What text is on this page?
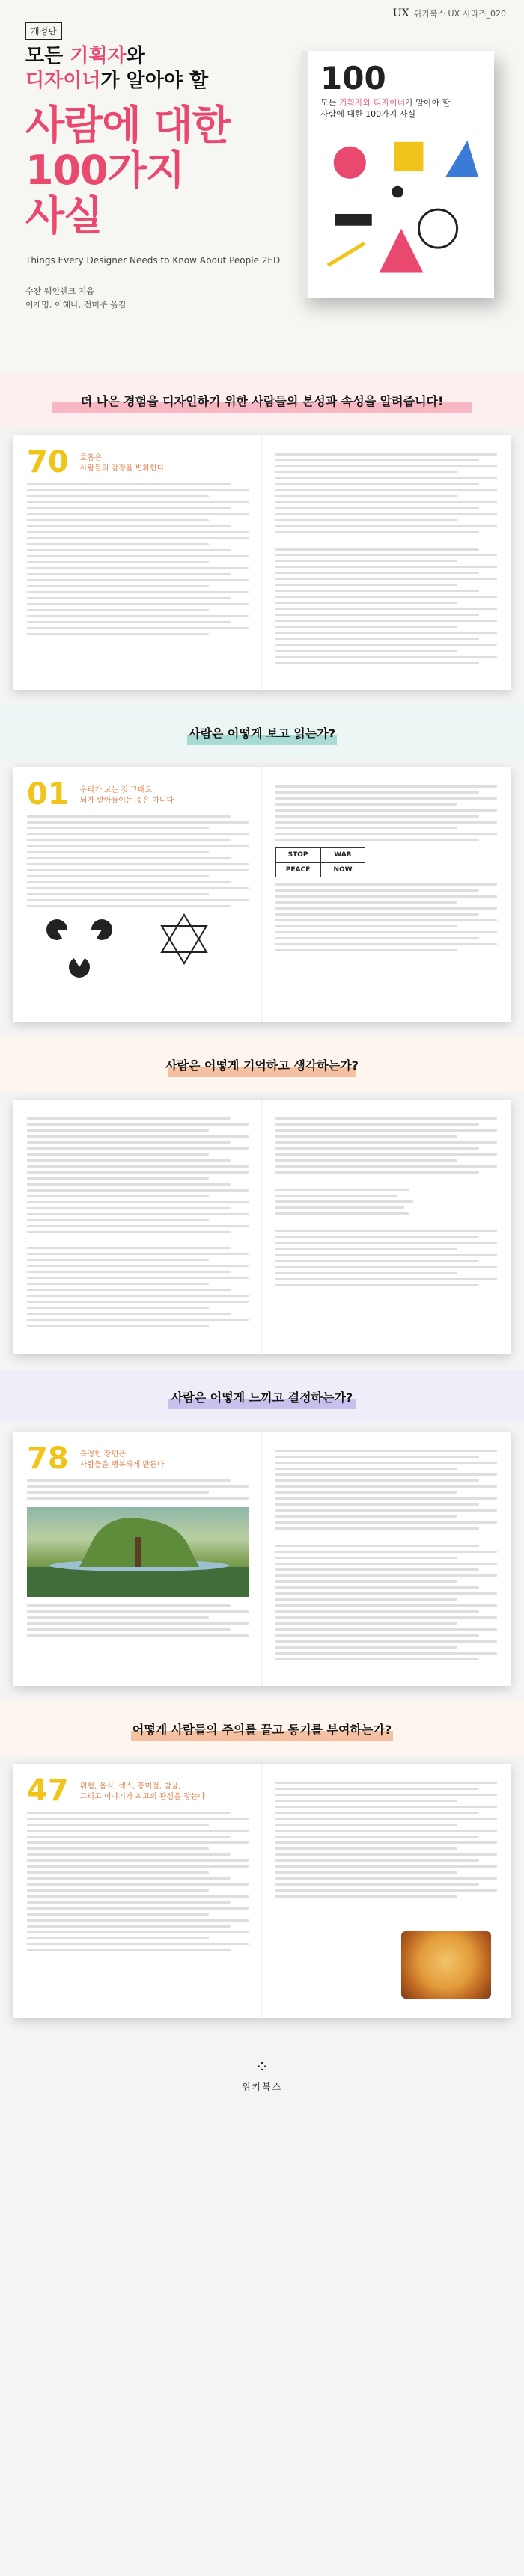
UX 위키북스 UX 시리즈_020
개정판
모든 기획자와
디자이너가 알아야 할
사람에 대한
100가지
사실
Things Every Designer Needs to Know About People 2ED
수잔 웨인쉔크 지음
이재명, 이해나, 전미주 옮김
100
모든 기획자와 디자이너가 알아야 할
사람에 대한 100가지 사실
더 나은 경험을 디자인하기 위한 사람들의 본성과 속성을 알려줍니다!
70 호흡은
사람들의 감정을 변화한다
사람은 어떻게 보고 읽는가?
01 우리가 보는 것 그대로
뇌가 받아들이는 것은 아니다
STOP	WAR
PEACE	NOW
사람은 어떻게 기억하고 생각하는가?
사람은 어떻게 느끼고 결정하는가?
78 특정한 장면은
사람들을 행복하게 만든다
어떻게 사람들의 주의를 끌고 동기를 부여하는가?
47 위험, 음식, 섹스, 흥미점, 발굴,
그리고 이야기가 최고의 관심을 잡는다
⁘
위키북스
